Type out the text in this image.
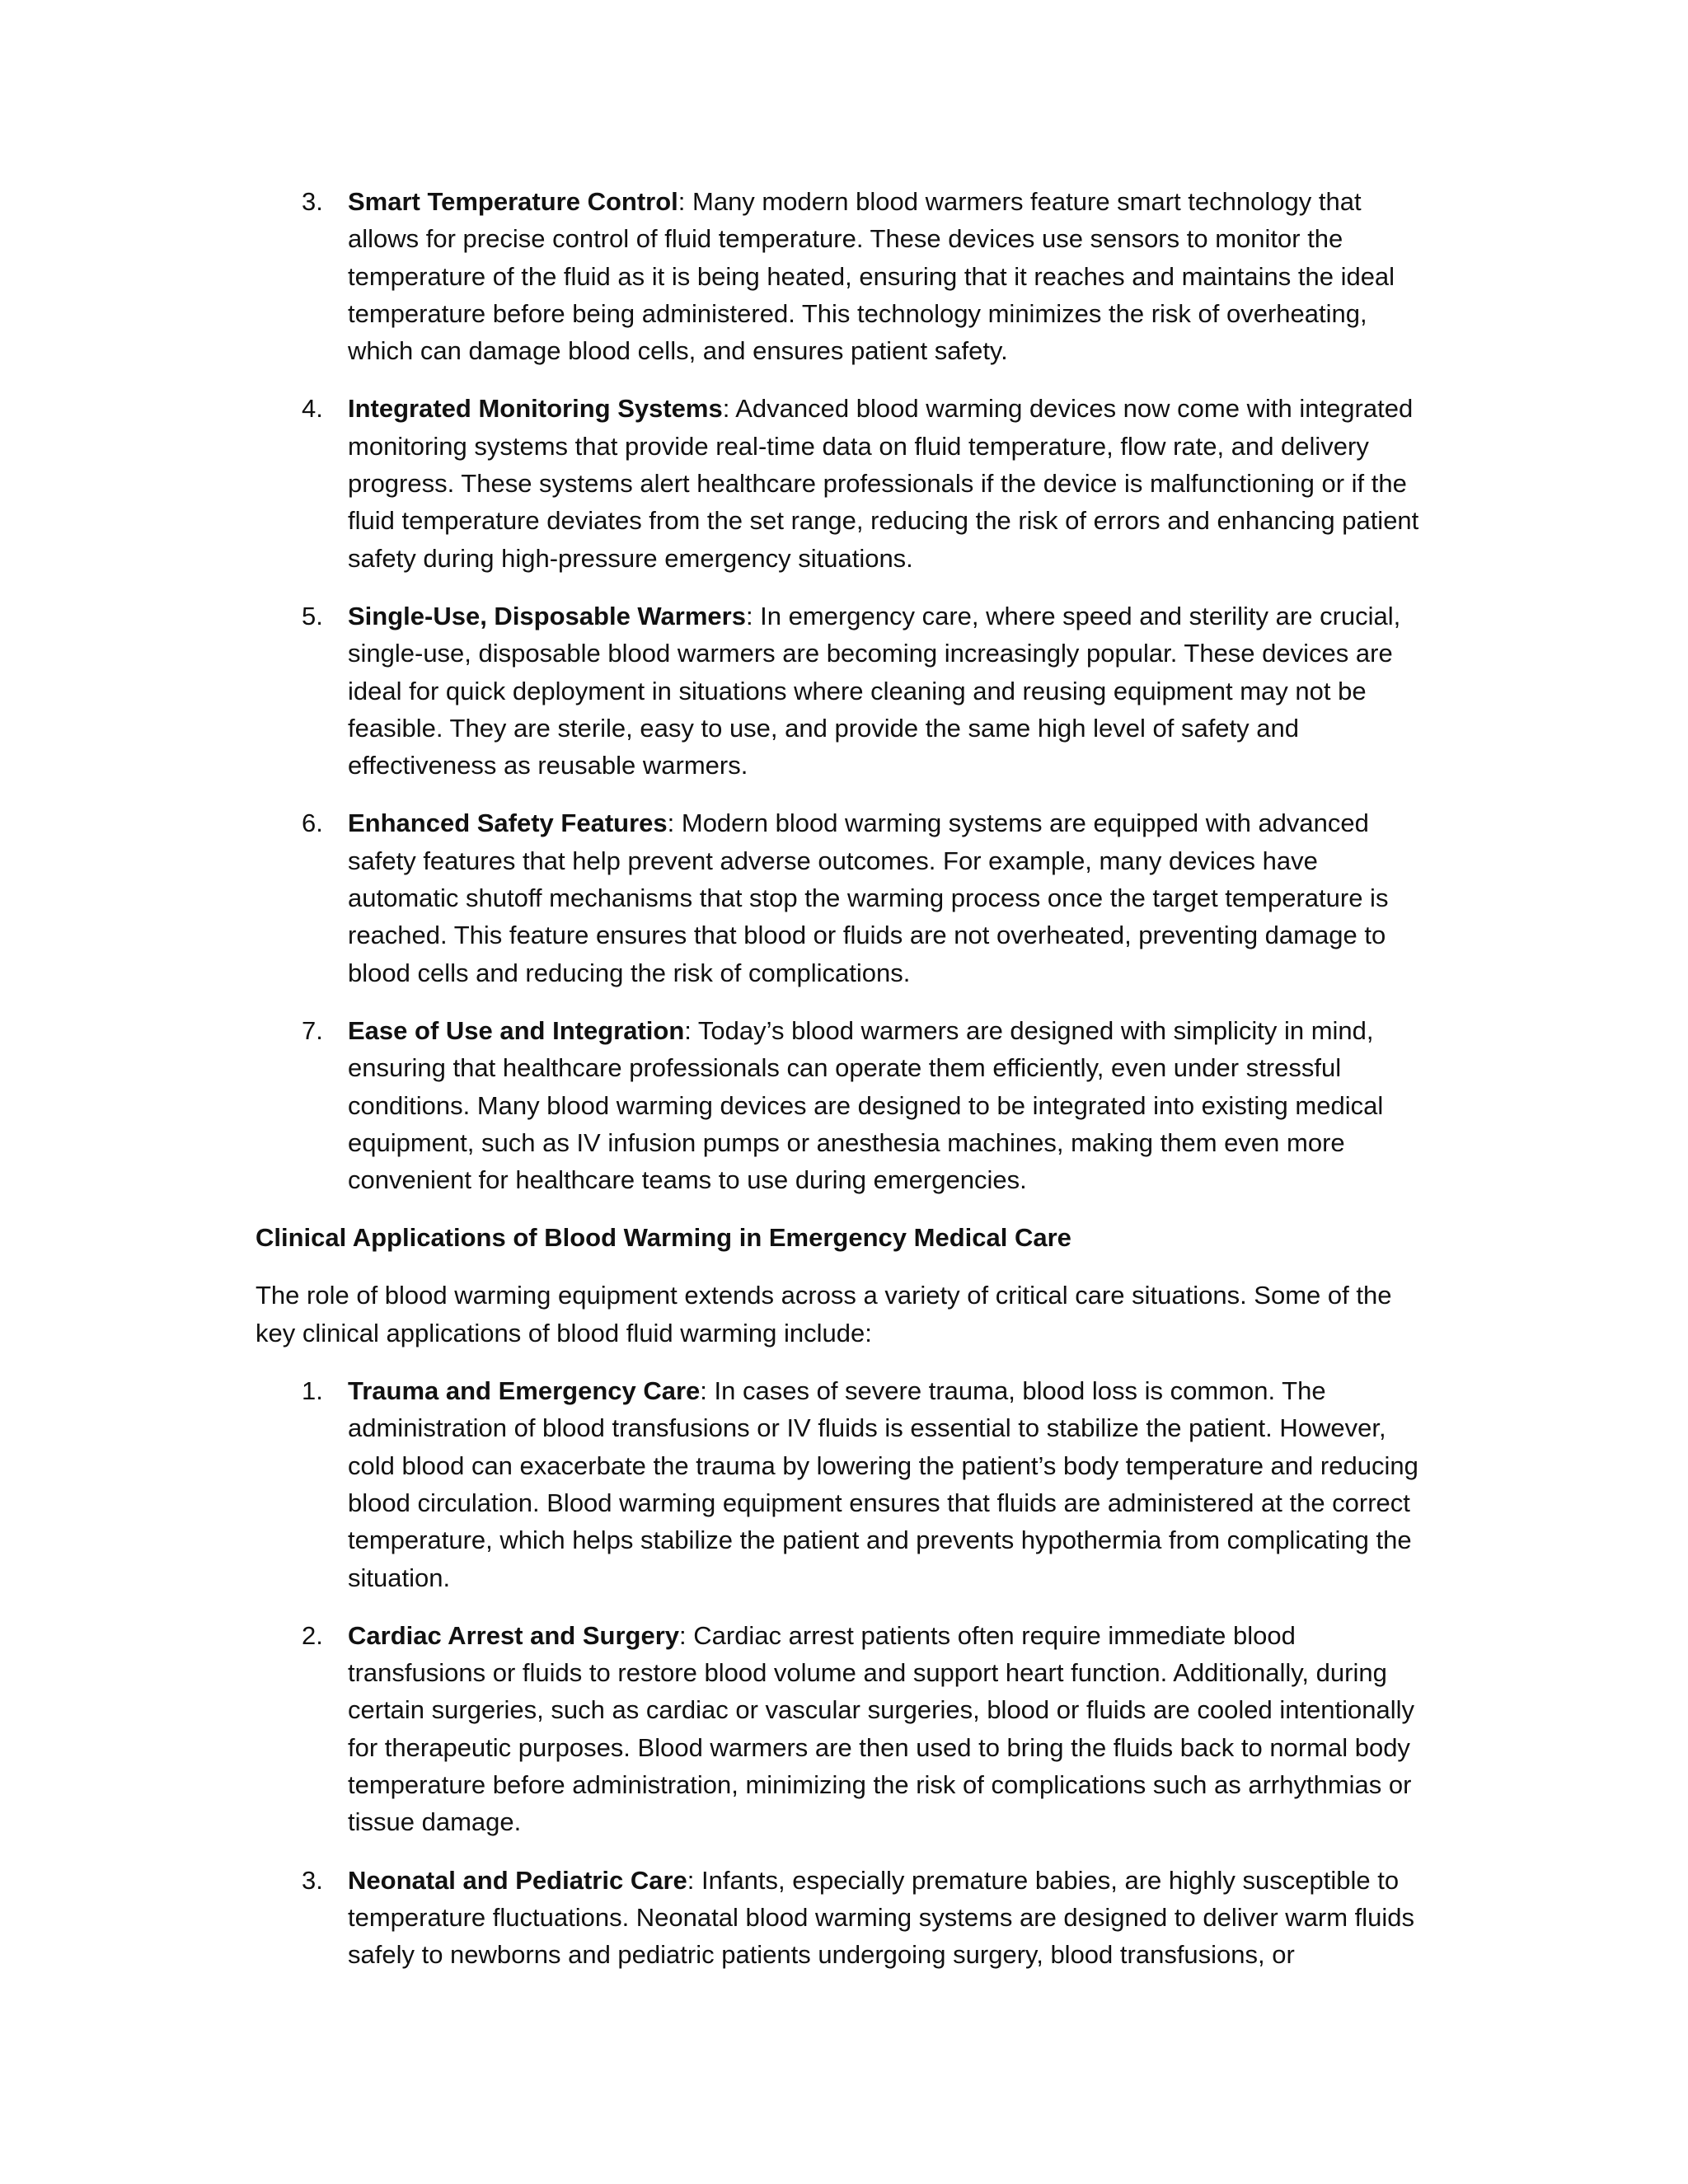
3. Smart Temperature Control: Many modern blood warmers feature smart technology that allows for precise control of fluid temperature. These devices use sensors to monitor the temperature of the fluid as it is being heated, ensuring that it reaches and maintains the ideal temperature before being administered. This technology minimizes the risk of overheating, which can damage blood cells, and ensures patient safety.
4. Integrated Monitoring Systems: Advanced blood warming devices now come with integrated monitoring systems that provide real-time data on fluid temperature, flow rate, and delivery progress. These systems alert healthcare professionals if the device is malfunctioning or if the fluid temperature deviates from the set range, reducing the risk of errors and enhancing patient safety during high-pressure emergency situations.
5. Single-Use, Disposable Warmers: In emergency care, where speed and sterility are crucial, single-use, disposable blood warmers are becoming increasingly popular. These devices are ideal for quick deployment in situations where cleaning and reusing equipment may not be feasible. They are sterile, easy to use, and provide the same high level of safety and effectiveness as reusable warmers.
6. Enhanced Safety Features: Modern blood warming systems are equipped with advanced safety features that help prevent adverse outcomes. For example, many devices have automatic shutoff mechanisms that stop the warming process once the target temperature is reached. This feature ensures that blood or fluids are not overheated, preventing damage to blood cells and reducing the risk of complications.
7. Ease of Use and Integration: Today’s blood warmers are designed with simplicity in mind, ensuring that healthcare professionals can operate them efficiently, even under stressful conditions. Many blood warming devices are designed to be integrated into existing medical equipment, such as IV infusion pumps or anesthesia machines, making them even more convenient for healthcare teams to use during emergencies.
Clinical Applications of Blood Warming in Emergency Medical Care

The role of blood warming equipment extends across a variety of critical care situations. Some of the key clinical applications of blood fluid warming include:

1. Trauma and Emergency Care: In cases of severe trauma, blood loss is common. The administration of blood transfusions or IV fluids is essential to stabilize the patient. However, cold blood can exacerbate the trauma by lowering the patient’s body temperature and reducing blood circulation. Blood warming equipment ensures that fluids are administered at the correct temperature, which helps stabilize the patient and prevents hypothermia from complicating the situation.
2. Cardiac Arrest and Surgery: Cardiac arrest patients often require immediate blood transfusions or fluids to restore blood volume and support heart function. Additionally, during certain surgeries, such as cardiac or vascular surgeries, blood or fluids are cooled intentionally for therapeutic purposes. Blood warmers are then used to bring the fluids back to normal body temperature before administration, minimizing the risk of complications such as arrhythmias or tissue damage.
3. Neonatal and Pediatric Care: Infants, especially premature babies, are highly susceptible to temperature fluctuations. Neonatal blood warming systems are designed to deliver warm fluids safely to newborns and pediatric patients undergoing surgery, blood transfusions, or
